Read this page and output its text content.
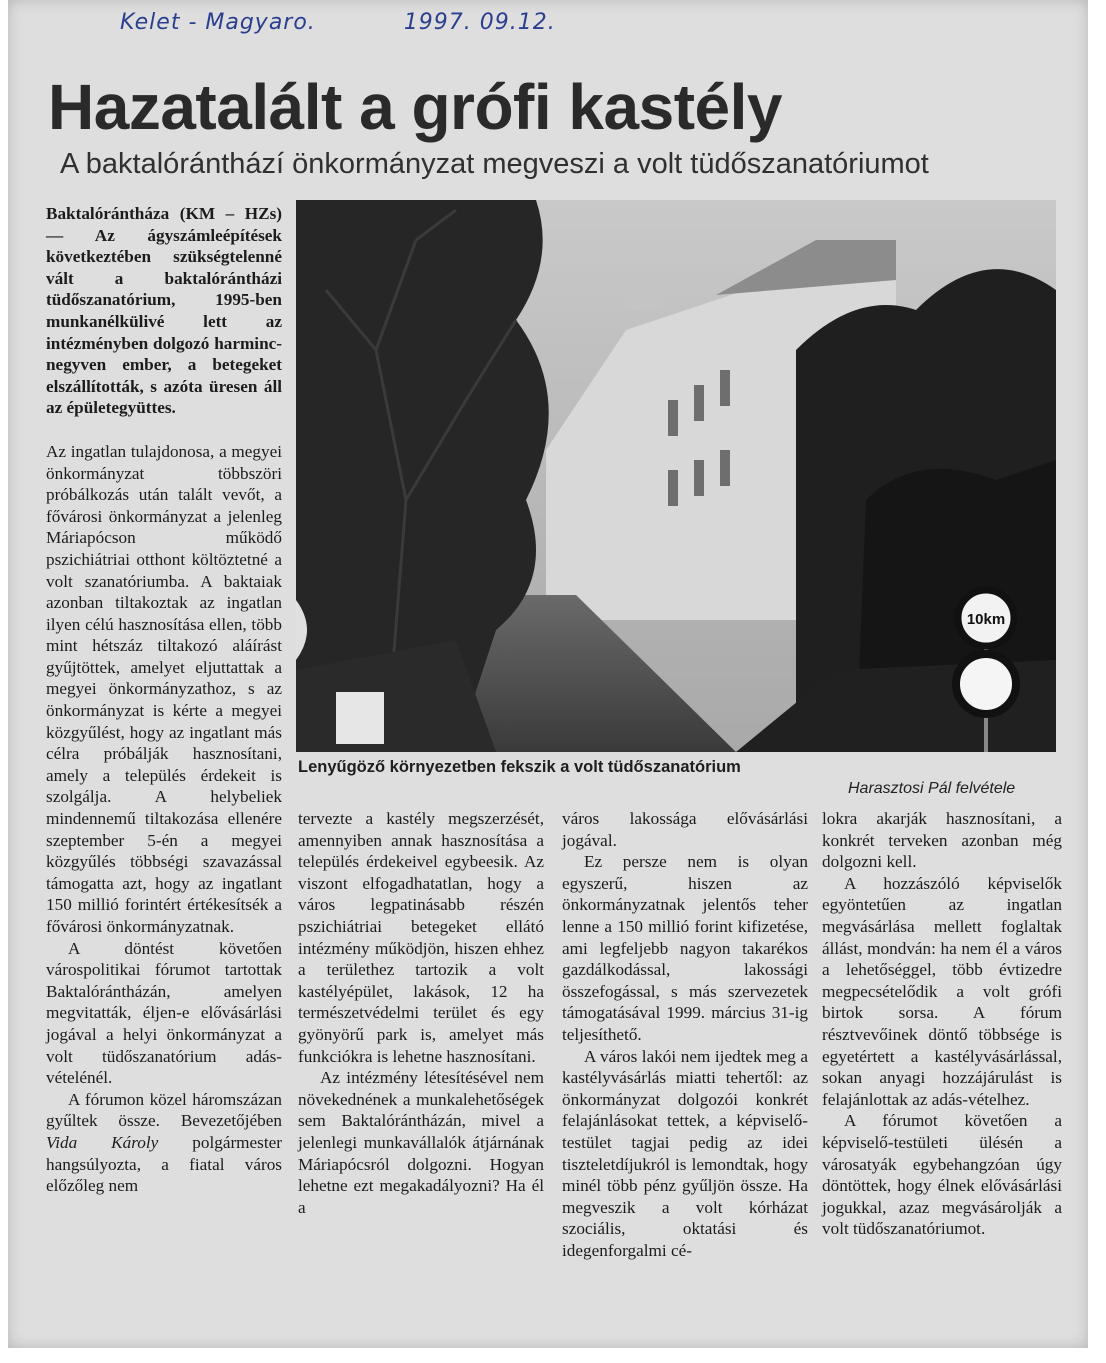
Kelet - Magyaro.	1997. 09.12.
Hazatalált a grófi kastély
A baktalóránthází önkormányzat megveszi a volt tüdőszanatóriumot

Baktalórántháza (KM – HZs) — Az ágyszámleépítések következtében szükségtelenné vált a baktalórántházi tüdőszanatórium, 1995-ben munkanélkülivé lett az intézményben dolgozó harminc-negyven ember, a betegeket elszállították, s azóta üresen áll az épületegyüttes.

Az ingatlan tulajdonosa, a megyei önkormányzat többszöri próbálkozás után talált vevőt, a fővárosi önkormányzat a jelenleg Máriapócson működő pszichiátriai otthont költöztetné a volt szanatóriumba. A baktaiak azonban tiltakoztak az ingatlan ilyen célú hasznosítása ellen, több mint hétszáz tiltakozó aláírást gyűjtöttek, amelyet eljuttattak a megyei önkormányzathoz, s az önkormányzat is kérte a megyei közgyűlést, hogy az ingatlant más célra próbálják hasznosítani, amely a település érdekeit is szolgálja. A helybeliek mindennemű tiltakozása ellenére szeptember 5-én a megyei közgyűlés többségi szavazással támogatta azt, hogy az ingatlant 150 millió forintért értékesítsék a fővárosi önkormányzatnak.

A döntést követően várospolitikai fórumot tartottak Baktalórántházán, amelyen megvitatták, éljen-e elővásárlási jogával a helyi önkormányzat a volt tüdőszanatórium adás-vételénél.

A fórumon közel háromszázan gyűltek össze. Bevezetőjében Vida Károly polgármester hangsúlyozta, a fiatal város előzőleg nem

10km
Lenyűgöző környezetben fekszik a volt tüdőszanatórium
Harasztosi Pál felvétele

tervezte a kastély megszerzését, amennyiben annak hasznosítása a település érdekeivel egybeesik. Az viszont elfogadhatatlan, hogy a város legpatinásabb részén pszichiátriai betegeket ellátó intézmény működjön, hiszen ehhez a területhez tartozik a volt kastélyépület, lakások, 12 ha természetvédelmi terület és egy gyönyörű park is, amelyet más funkciókra is lehetne hasznosítani.

Az intézmény létesítésével nem növekednének a munkalehetőségek sem Baktalórántházán, mivel a jelenlegi munkavállalók átjárnának Máriapócsról dolgozni. Hogyan lehetne ezt megakadályozni? Ha él a

város lakossága elővásárlási jogával.

Ez persze nem is olyan egyszerű, hiszen az önkormányzatnak jelentős teher lenne a 150 millió forint kifizetése, ami legfeljebb nagyon takarékos gazdálkodással, lakossági összefogással, s más szervezetek támogatásával 1999. március 31-ig teljesíthető.

A város lakói nem ijedtek meg a kastélyvásárlás miatti tehertől: az önkormányzat dolgozói konkrét felajánlásokat tettek, a képviselő-testület tagjai pedig az idei tiszteletdíjukról is lemondtak, hogy minél több pénz gyűljön össze. Ha megveszik a volt kórházat szociális, oktatási és idegenforgalmi cé-

lokra akarják hasznosítani, a konkrét terveken azonban még dolgozni kell.

A hozzászóló képviselők egyöntetűen az ingatlan megvásárlása mellett foglaltak állást, mondván: ha nem él a város a lehetőséggel, több évtizedre megpecsételődik a volt grófi birtok sorsa. A fórum résztvevőinek döntő többsége is egyetértett a kastélyvásárlással, sokan anyagi hozzájárulást is felajánlottak az adás-vételhez.

A fórumot követően a képviselő-testületi ülésén a városatyák egybehangzóan úgy döntöttek, hogy élnek elővásárlási jogukkal, azaz megvásárolják a volt tüdőszanatóriumot.
